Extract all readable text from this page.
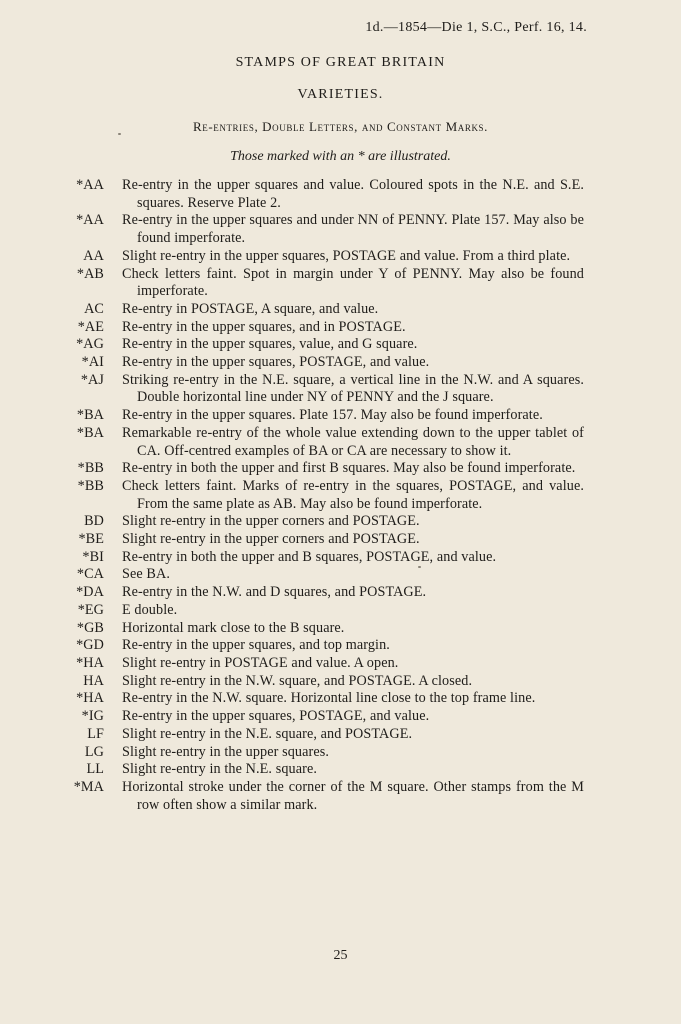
1d.—1854—Die 1, S.C., Perf. 16, 14.
STAMPS OF GREAT BRITAIN
VARIETIES.
Re-entries, Double Letters, and Constant Marks.
Those marked with an * are illustrated.
*AA	Re-entry in the upper squares and value. Coloured spots in the N.E. and S.E. squares. Reserve Plate 2.
*AA	Re-entry in the upper squares and under NN of PENNY. Plate 157. May also be found imperforate.
AA	Slight re-entry in the upper squares, POSTAGE and value. From a third plate.
*AB	Check letters faint. Spot in margin under Y of PENNY. May also be found imperforate.
AC	Re-entry in POSTAGE, A square, and value.
*AE	Re-entry in the upper squares, and in POSTAGE.
*AG	Re-entry in the upper squares, value, and G square.
*AI	Re-entry in the upper squares, POSTAGE, and value.
*AJ	Striking re-entry in the N.E. square, a vertical line in the N.W. and A squares. Double horizontal line under NY of PENNY and the J square.
*BA	Re-entry in the upper squares. Plate 157. May also be found imperforate.
*BA	Remarkable re-entry of the whole value extending down to the upper tablet of CA. Off-centred examples of BA or CA are necessary to show it.
*BB	Re-entry in both the upper and first B squares. May also be found imperforate.
*BB	Check letters faint. Marks of re-entry in the squares, POSTAGE, and value. From the same plate as AB. May also be found imperforate.
BD	Slight re-entry in the upper corners and POSTAGE.
*BE	Slight re-entry in the upper corners and POSTAGE.
*BI	Re-entry in both the upper and B squares, POSTAGE, and value.
*CA	See BA.
*DA	Re-entry in the N.W. and D squares, and POSTAGE.
*EG	E double.
*GB	Horizontal mark close to the B square.
*GD	Re-entry in the upper squares, and top margin.
*HA	Slight re-entry in POSTAGE and value. A open.
HA	Slight re-entry in the N.W. square, and POSTAGE. A closed.
*HA	Re-entry in the N.W. square. Horizontal line close to the top frame line.
*IG	Re-entry in the upper squares, POSTAGE, and value.
LF	Slight re-entry in the N.E. square, and POSTAGE.
LG	Slight re-entry in the upper squares.
LL	Slight re-entry in the N.E. square.
*MA	Horizontal stroke under the corner of the M square. Other stamps from the M row often show a similar mark.
25
